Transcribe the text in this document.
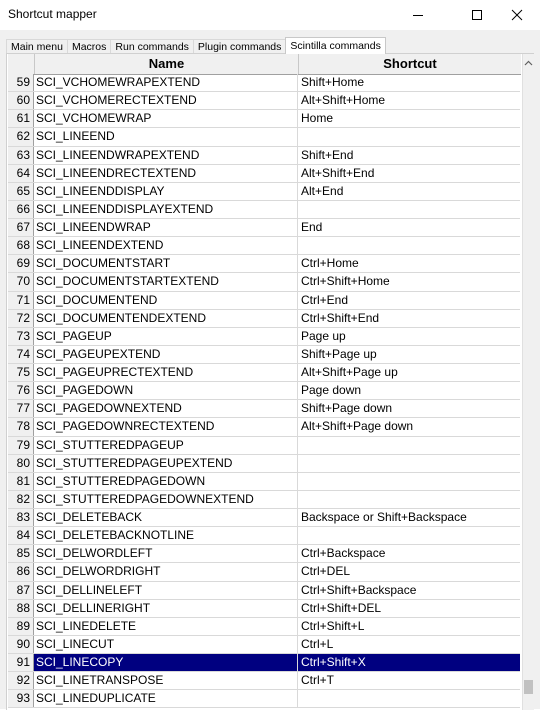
Shortcut mapper
Main menu Macros Run commands Plugin commands Scintilla commands
Name	Shortcut
59 SCI_VCHOMEWRAPEXTEND	Shift+Home
60 SCI_VCHOMERECTEXTEND	Alt+Shift+Home
61 SCI_VCHOMEWRAP	Home
62 SCI_LINEEND
63 SCI_LINEENDWRAPEXTEND	Shift+End
64 SCI_LINEENDRECTEXTEND	Alt+Shift+End
65 SCI_LINEENDDISPLAY	Alt+End
66 SCI_LINEENDDISPLAYEXTEND
67 SCI_LINEENDWRAP	End
68 SCI_LINEENDEXTEND
69 SCI_DOCUMENTSTART	Ctrl+Home
70 SCI_DOCUMENTSTARTEXTEND	Ctrl+Shift+Home
71 SCI_DOCUMENTEND	Ctrl+End
72 SCI_DOCUMENTENDEXTEND	Ctrl+Shift+End
73 SCI_PAGEUP	Page up
74 SCI_PAGEUPEXTEND	Shift+Page up
75 SCI_PAGEUPRECTEXTEND	Alt+Shift+Page up
76 SCI_PAGEDOWN	Page down
77 SCI_PAGEDOWNEXTEND	Shift+Page down
78 SCI_PAGEDOWNRECTEXTEND	Alt+Shift+Page down
79 SCI_STUTTEREDPAGEUP
80 SCI_STUTTEREDPAGEUPEXTEND
81 SCI_STUTTEREDPAGEDOWN
82 SCI_STUTTEREDPAGEDOWNEXTEND
83 SCI_DELETEBACK	Backspace or Shift+Backspace
84 SCI_DELETEBACKNOTLINE
85 SCI_DELWORDLEFT	Ctrl+Backspace
86 SCI_DELWORDRIGHT	Ctrl+DEL
87 SCI_DELLINELEFT	Ctrl+Shift+Backspace
88 SCI_DELLINERIGHT	Ctrl+Shift+DEL
89 SCI_LINEDELETE	Ctrl+Shift+L
90 SCI_LINECUT	Ctrl+L
91 SCI_LINECOPY	Ctrl+Shift+X
92 SCI_LINETRANSPOSE	Ctrl+T
93 SCI_LINEDUPLICATE
